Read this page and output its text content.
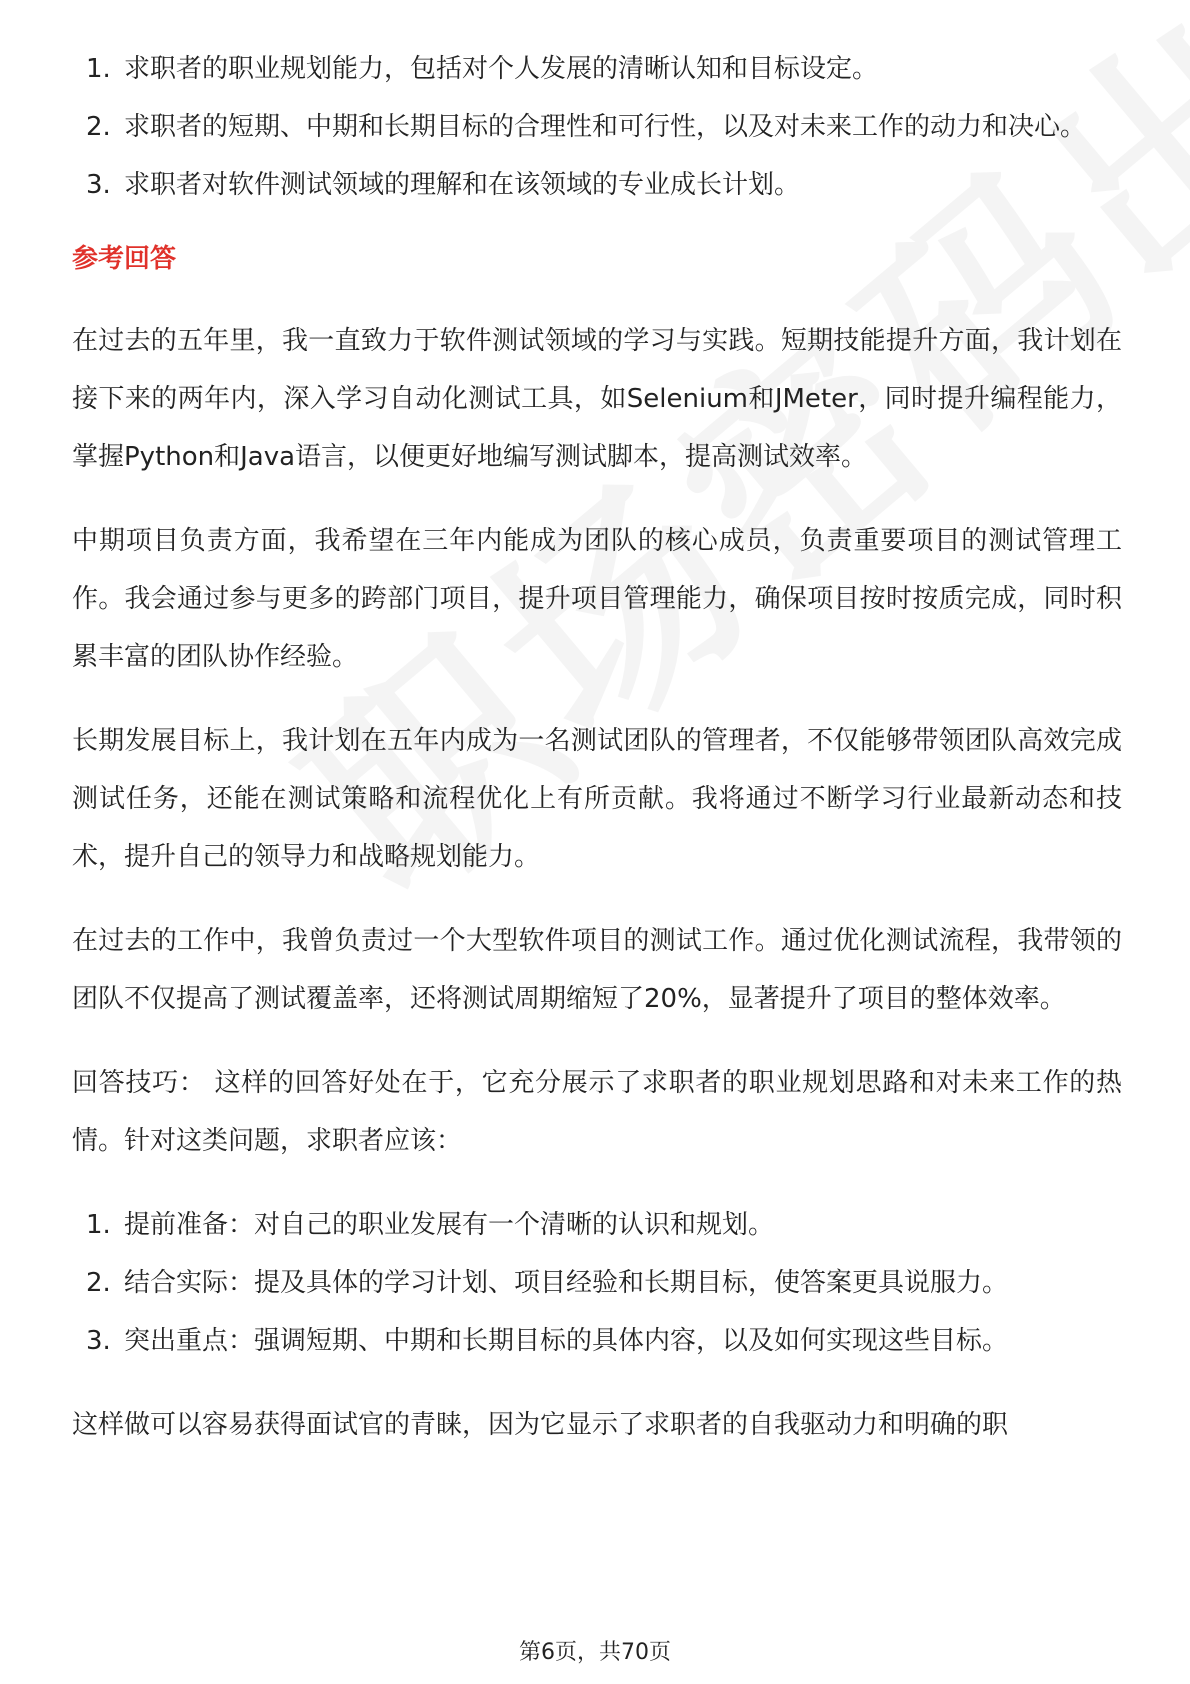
1. 求职者的职业规划能力，包括对个人发展的清晰认知和目标设定。
2. 求职者的短期、中期和长期目标的合理性和可行性，以及对未来工作的动力和决心。
3. 求职者对软件测试领域的理解和在该领域的专业成长计划。
参考回答

在过去的五年里，我一直致力于软件测试领域的学习与实践。短期技能提升方面，我计划在接下来的两年内，深入学习自动化测试工具，如Selenium和JMeter，同时提升编程能力，掌握Python和Java语言，以便更好地编写测试脚本，提高测试效率。

中期项目负责方面，我希望在三年内能成为团队的核心成员，负责重要项目的测试管理工作。我会通过参与更多的跨部门项目，提升项目管理能力，确保项目按时按质完成，同时积累丰富的团队协作经验。

长期发展目标上，我计划在五年内成为一名测试团队的管理者，不仅能够带领团队高效完成测试任务，还能在测试策略和流程优化上有所贡献。我将通过不断学习行业最新动态和技术，提升自己的领导力和战略规划能力。

在过去的工作中，我曾负责过一个大型软件项目的测试工作。通过优化测试流程，我带领的团队不仅提高了测试覆盖率，还将测试周期缩短了20%，显著提升了项目的整体效率。

回答技巧： 这样的回答好处在于，它充分展示了求职者的职业规划思路和对未来工作的热情。针对这类问题，求职者应该：

1. 提前准备：对自己的职业发展有一个清晰的认识和规划。
2. 结合实际：提及具体的学习计划、项目经验和长期目标，使答案更具说服力。
3. 突出重点：强调短期、中期和长期目标的具体内容，以及如何实现这些目标。

这样做可以容易获得面试官的青睐，因为它显示了求职者的自我驱动力和明确的职

第6页，共70页
